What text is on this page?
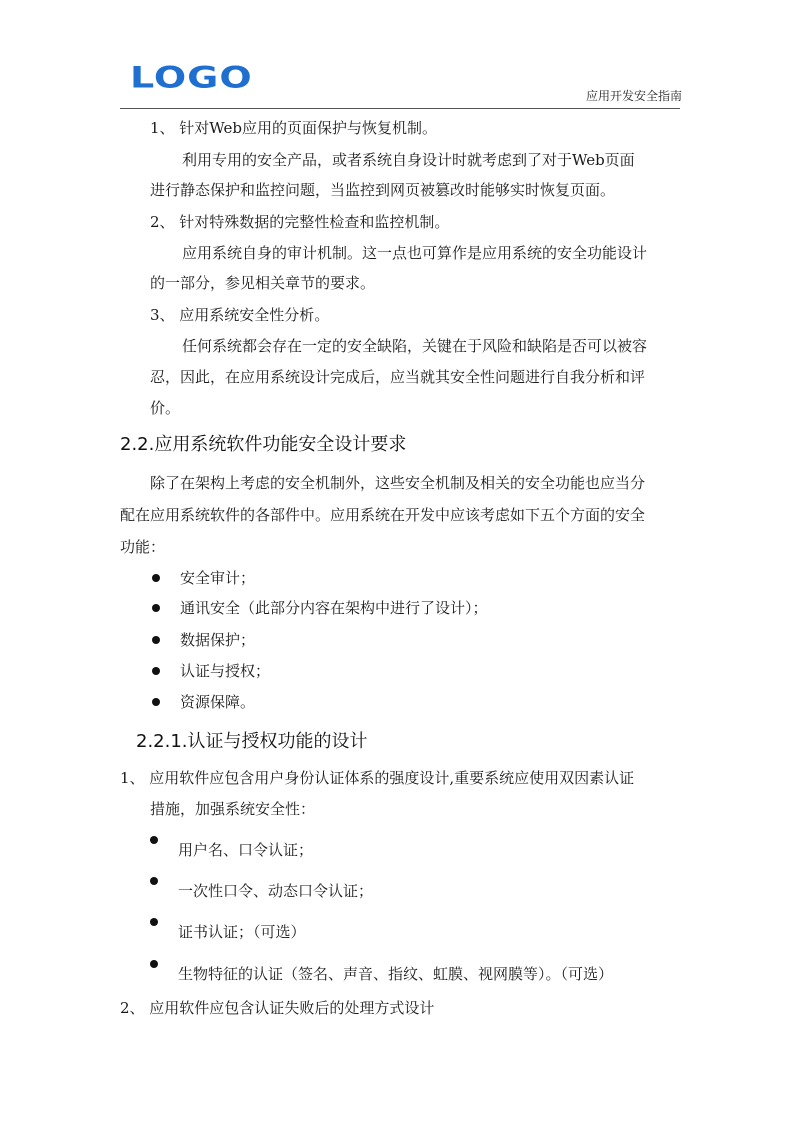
LOGO
应用开发安全指南
1、 针对Web应用的页面保护与恢复机制。
利用专用的安全产品，或者系统自身设计时就考虑到了对于Web页面
进行静态保护和监控问题，当监控到网页被篡改时能够实时恢复页面。
2、 针对特殊数据的完整性检查和监控机制。
应用系统自身的审计机制。这一点也可算作是应用系统的安全功能设计
的一部分，参见相关章节的要求。
3、 应用系统安全性分析。
任何系统都会存在一定的安全缺陷，关键在于风险和缺陷是否可以被容
忍，因此，在应用系统设计完成后，应当就其安全性问题进行自我分析和评
价。
2.2.应用系统软件功能安全设计要求
除了在架构上考虑的安全机制外，这些安全机制及相关的安全功能也应当分
配在应用系统软件的各部件中。应用系统在开发中应该考虑如下五个方面的安全
功能：
安全审计；
通讯安全（此部分内容在架构中进行了设计）；
数据保护；
认证与授权；
资源保障。
2.2.1.认证与授权功能的设计
1、 应用软件应包含用户身份认证体系的强度设计,重要系统应使用双因素认证
措施，加强系统安全性：
用户名、口令认证；
一次性口令、动态口令认证；
证书认证；（可选）
生物特征的认证（签名、声音、指纹、虹膜、视网膜等）。（可选）
2、 应用软件应包含认证失败后的处理方式设计
